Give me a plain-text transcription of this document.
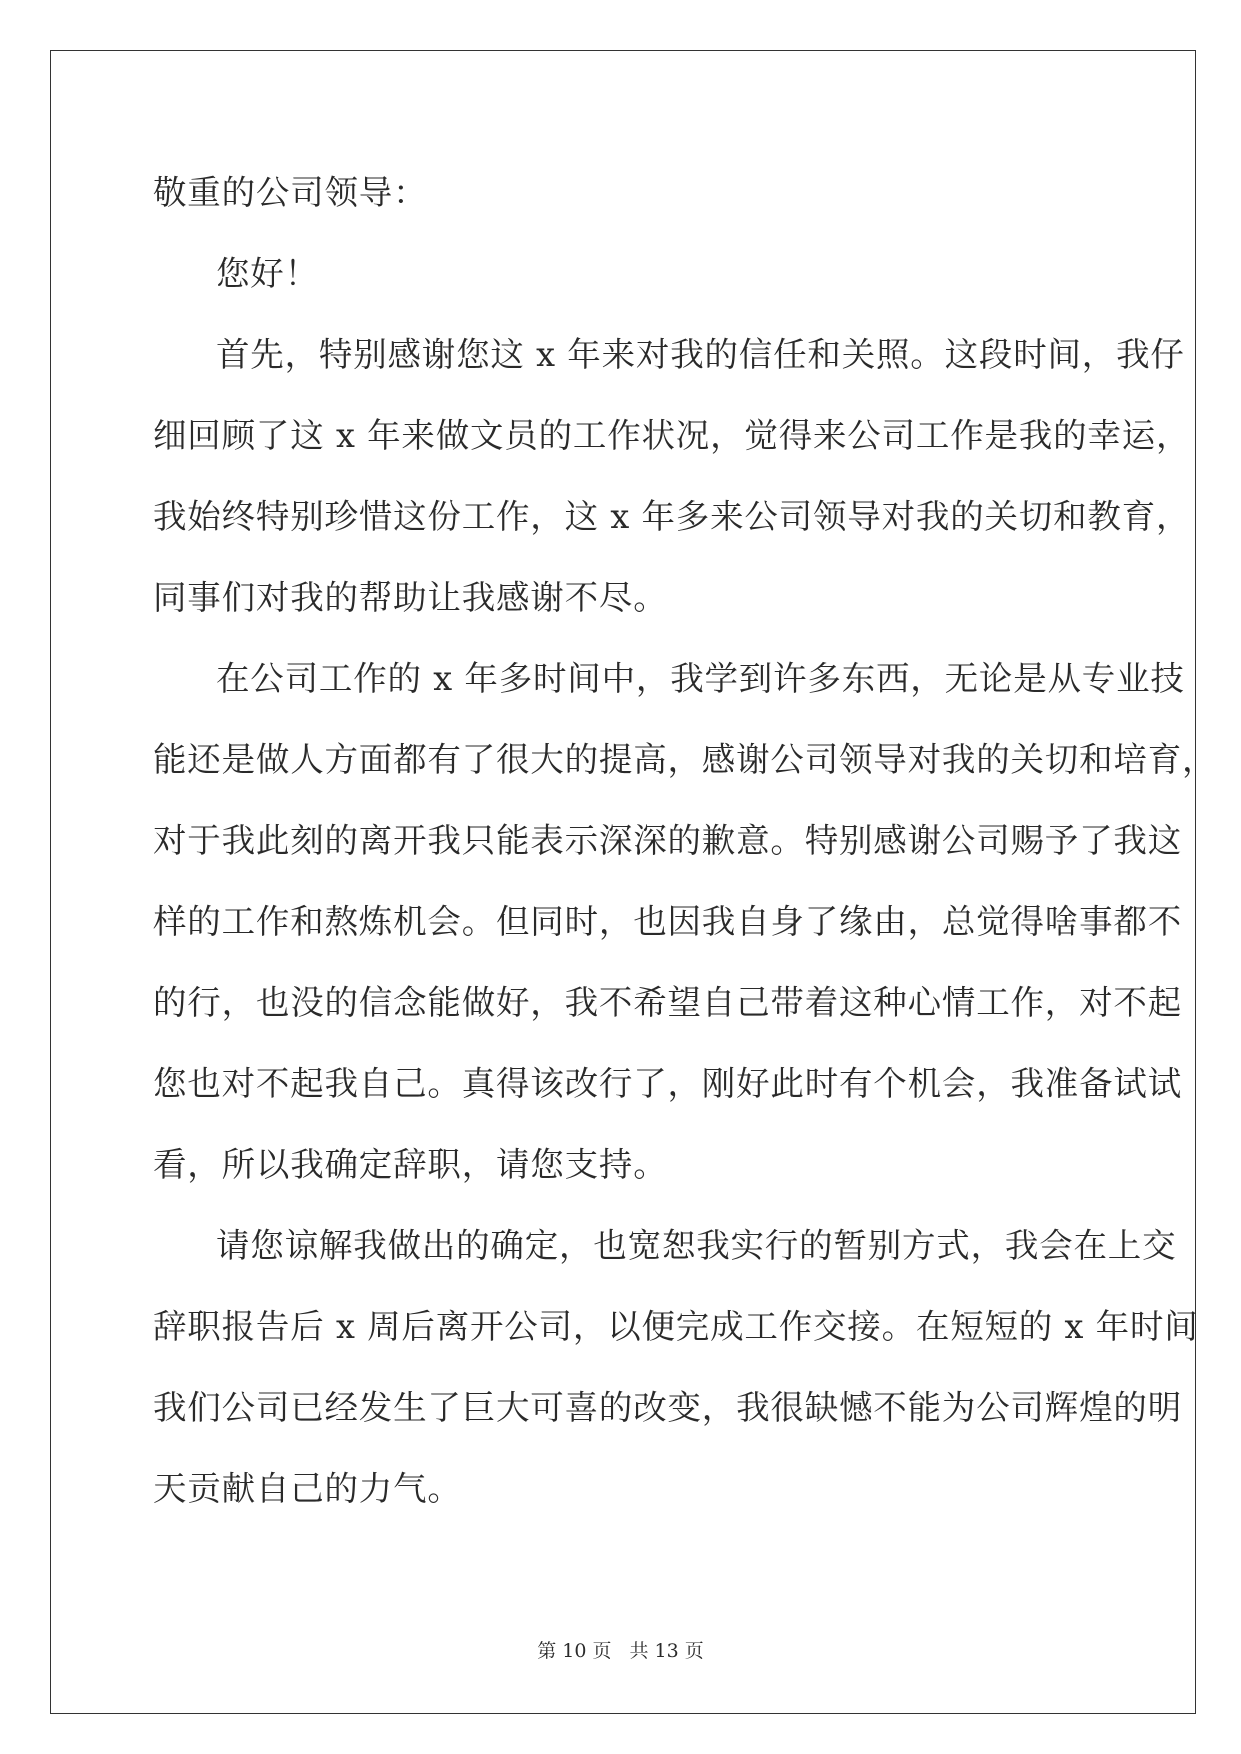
敬重的公司领导：
您好！
首先，特别感谢您这 x 年来对我的信任和关照。这段时间，我仔
细回顾了这 x 年来做文员的工作状况，觉得来公司工作是我的幸运，
我始终特别珍惜这份工作，这 x 年多来公司领导对我的关切和教育，
同事们对我的帮助让我感谢不尽。
在公司工作的 x 年多时间中，我学到许多东西，无论是从专业技
能还是做人方面都有了很大的提高，感谢公司领导对我的关切和培育，
对于我此刻的离开我只能表示深深的歉意。特别感谢公司赐予了我这
样的工作和熬炼机会。但同时，也因我自身了缘由，总觉得啥事都不
的行，也没的信念能做好，我不希望自己带着这种心情工作，对不起
您也对不起我自己。真得该改行了，刚好此时有个机会，我准备试试
看，所以我确定辞职，请您支持。
请您谅解我做出的确定，也宽恕我实行的暂别方式，我会在上交
辞职报告后 x 周后离开公司，以便完成工作交接。在短短的 x 年时间
我们公司已经发生了巨大可喜的改变，我很缺憾不能为公司辉煌的明
天贡献自己的力气。
第 10 页 共 13 页
